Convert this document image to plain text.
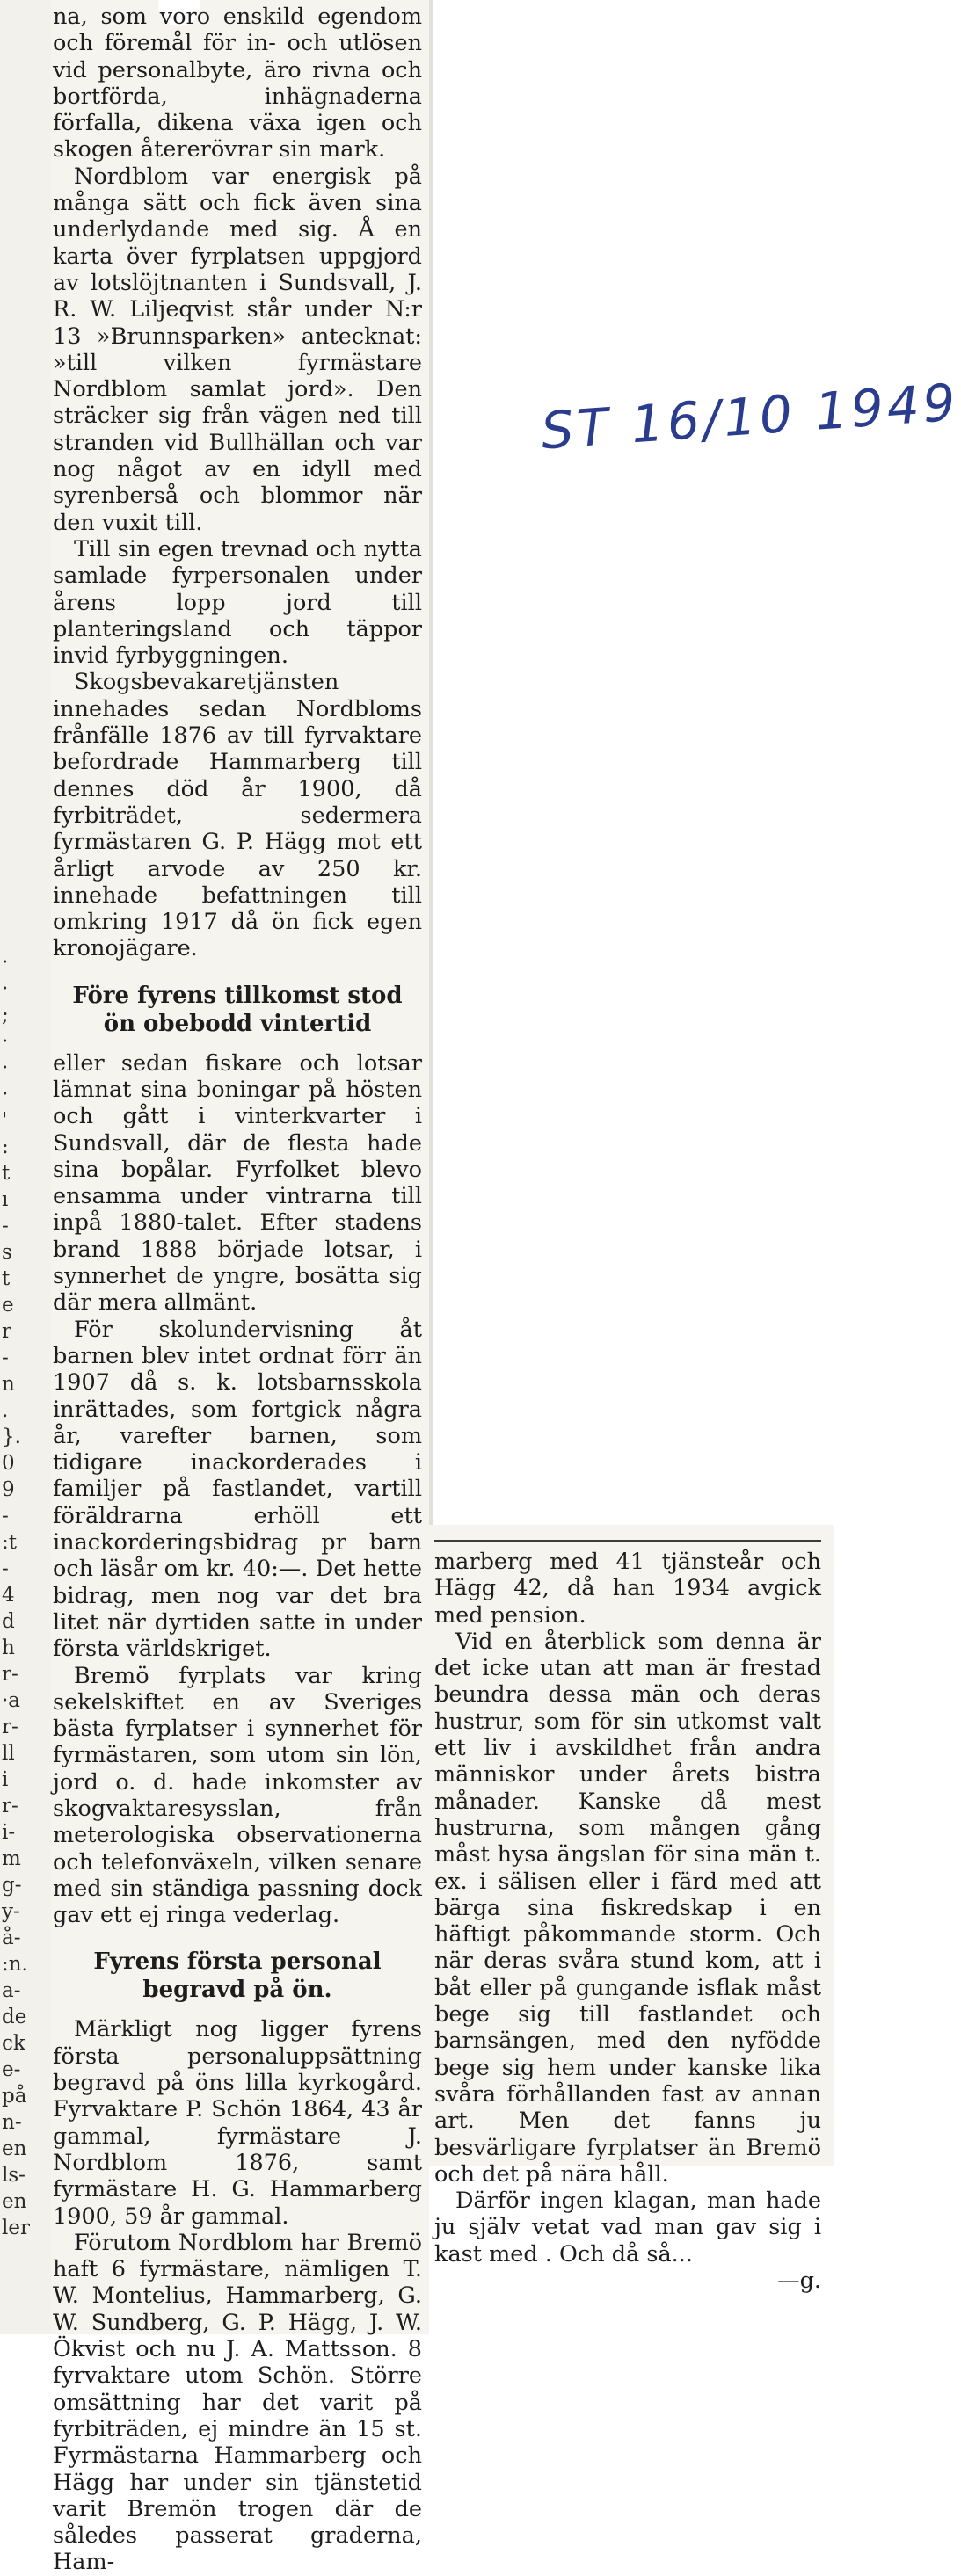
ST 16/10 1949

na, som voro enskild egendom och föremål för in- och utlösen vid personalbyte, äro rivna och bortförda, inhägnaderna förfalla, dikena växa igen och skogen återerövrar sin mark.

Nordblom var energisk på många sätt och fick även sina underlydande med sig. Å en karta över fyrplatsen uppgjord av lotslöjtnanten i Sundsvall, J. R. W. Liljeqvist står under N:r 13 »Brunnsparken» antecknat: »till vilken fyrmästare Nordblom samlat jord». Den sträcker sig från vägen ned till stranden vid Bullhällan och var nog något av en idyll med syrenberså och blommor när den vuxit till.

Till sin egen trevnad och nytta samlade fyrpersonalen under årens lopp jord till planteringsland och täppor invid fyrbyggningen.

Skogsbevakaretjänsten innehades sedan Nordbloms frånfälle 1876 av till fyrvaktare befordrade Hammarberg till dennes död år 1900, då fyrbiträdet, sedermera fyrmästaren G. P. Hägg mot ett årligt arvode av 250 kr. innehade befattningen till omkring 1917 då ön fick egen kronojägare.

Före fyrens tillkomst stod ön obebodd vintertid

eller sedan fiskare och lotsar lämnat sina boningar på hösten och gått i vinterkvarter i Sundsvall, där de flesta hade sina bopålar. Fyrfolket blevo ensamma under vintrarna till inpå 1880-talet. Efter stadens brand 1888 började lotsar, i synnerhet de yngre, bosätta sig där mera allmänt.

För skolundervisning åt barnen blev intet ordnat förr än 1907 då s. k. lotsbarnsskola inrättades, som fortgick några år, varefter barnen, som tidigare inackorderades i familjer på fastlandet, vartill föräldrarna erhöll ett inackorderingsbidrag pr barn och läsår om kr. 40:—. Det hette bidrag, men nog var det bra litet när dyrtiden satte in under första världskriget.

Bremö fyrplats var kring sekelskiftet en av Sveriges bästa fyrplatser i synnerhet för fyrmästaren, som utom sin lön, jord o. d. hade inkomster av skogvaktaresysslan, från meterologiska observationerna och telefonväxeln, vilken senare med sin ständiga passning dock gav ett ej ringa vederlag.

Fyrens första personal begravd på ön.

Märkligt nog ligger fyrens första personaluppsättning begravd på öns lilla kyrkogård. Fyrvaktare P. Schön 1864, 43 år gammal, fyrmästare J. Nordblom 1876, samt fyrmästare H. G. Hammarberg 1900, 59 år gammal.

Förutom Nordblom har Bremö haft 6 fyrmästare, nämligen T. W. Montelius, Hammarberg, G. W. Sundberg, G. P. Hägg, J. W. Ökvist och nu J. A. Mattsson. 8 fyrvaktare utom Schön. Större omsättning har det varit på fyrbiträden, ej mindre än 15 st. Fyrmästarna Hammarberg och Hägg har under sin tjänstetid varit Bremön trogen där de således passerat graderna, Ham-

marberg med 41 tjänsteår och Hägg 42, då han 1934 avgick med pension.

Vid en återblick som denna är det icke utan att man är frestad beundra dessa män och deras hustrur, som för sin utkomst valt ett liv i avskildhet från andra människor under årets bistra månader. Kanske då mest hustrurna, som mången gång måst hysa ängslan för sina män t. ex. i sälisen eller i färd med att bärga sina fiskredskap i en häftigt påkommande storm. Och när deras svåra stund kom, att i båt eller på gungande isflak måst bege sig till fastlandet och barnsängen, med den nyfödde bege sig hem under kanske lika svåra förhållanden fast av annan art. Men det fanns ju besvärligare fyrplatser än Bremö och det på nära håll.

Därför ingen klagan, man hade ju själv vetat vad man gav sig i kast med . Och då så...

—g.

·
·
;
·
·
·
'
:
t
ı
-
s
t
e
r
-
n
.
}.
0
9
-
:t
-
4
d
h
r-
·a
r-
ll
i
r-
i-
m
g-
y-
å-
:n.
a-
de
ck
e-
på
n-
en
ls-
en
ler
